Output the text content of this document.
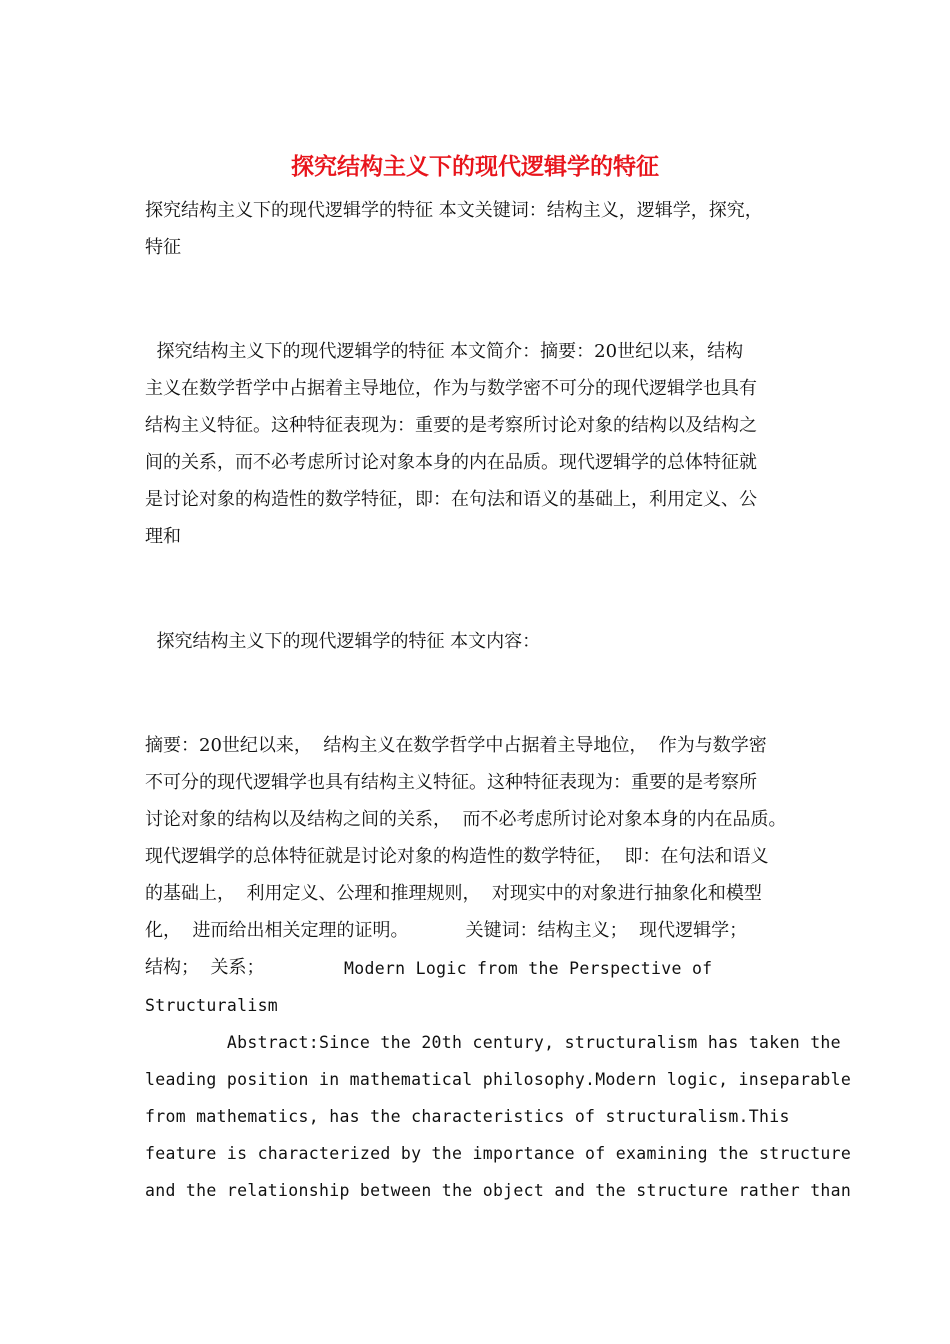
探究结构主义下的现代逻辑学的特征
探究结构主义下的现代逻辑学的特征 本文关键词：结构主义，逻辑学，探究，
特征
探究结构主义下的现代逻辑学的特征 本文简介：摘要：20世纪以来，结构
主义在数学哲学中占据着主导地位，作为与数学密不可分的现代逻辑学也具有
结构主义特征。这种特征表现为：重要的是考察所讨论对象的结构以及结构之
间的关系，而不必考虑所讨论对象本身的内在品质。现代逻辑学的总体特征就
是讨论对象的构造性的数学特征，即：在句法和语义的基础上，利用定义、公
理和
探究结构主义下的现代逻辑学的特征 本文内容：
摘要：20世纪以来，  结构主义在数学哲学中占据着主导地位，  作为与数学密
不可分的现代逻辑学也具有结构主义特征。这种特征表现为：重要的是考察所
讨论对象的结构以及结构之间的关系，  而不必考虑所讨论对象本身的内在品质。
现代逻辑学的总体特征就是讨论对象的构造性的数学特征，  即：在句法和语义
的基础上，  利用定义、公理和推理规则，  对现实中的对象进行抽象化和模型
化，  进而给出相关定理的证明。          关键词：结构主义；  现代逻辑学；
结构；  关系；	Modern Logic from the Perspective of
Structuralism
Abstract:Since the 20th century, structuralism has taken the
leading position in mathematical philosophy.Modern logic, inseparable
from mathematics, has the characteristics of structuralism.This
feature is characterized by the importance of examining the structure
and the relationship between the object and the structure rather than
